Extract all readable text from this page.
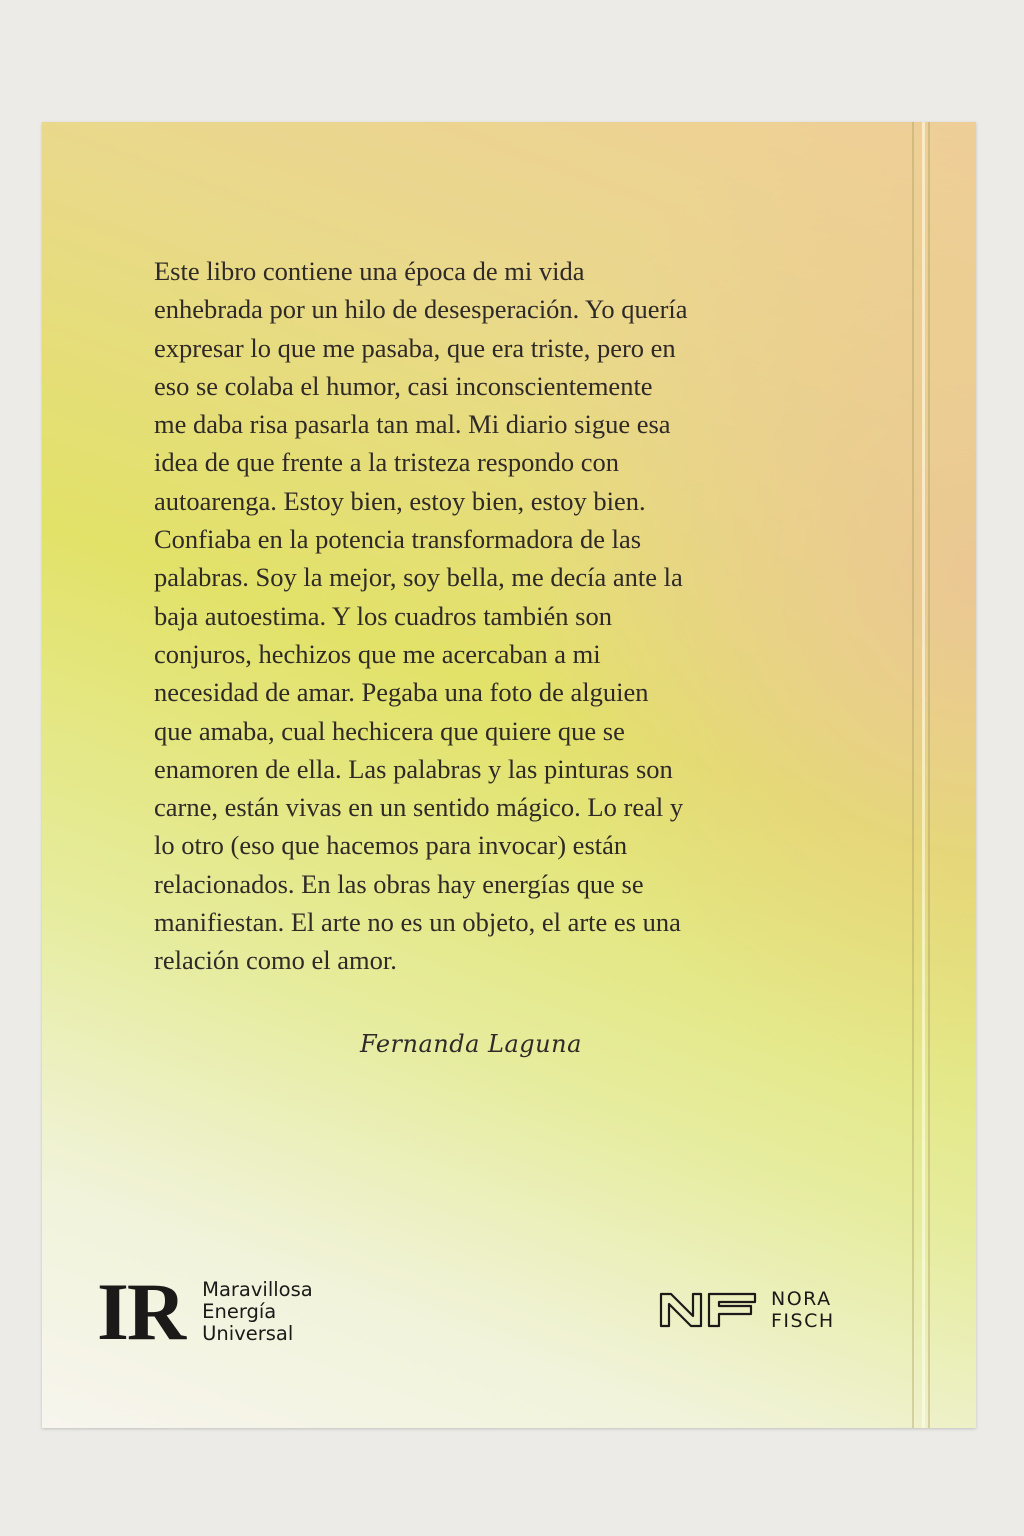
Este libro contiene una época de mi vida
enhebrada por un hilo de desesperación. Yo quería
expresar lo que me pasaba, que era triste, pero en
eso se colaba el humor, casi inconscientemente
me daba risa pasarla tan mal. Mi diario sigue esa
idea de que frente a la tristeza respondo con
autoarenga. Estoy bien, estoy bien, estoy bien.
Confiaba en la potencia transformadora de las
palabras. Soy la mejor, soy bella, me decía ante la
baja autoestima. Y los cuadros también son
conjuros, hechizos que me acercaban a mi
necesidad de amar. Pegaba una foto de alguien
que amaba, cual hechicera que quiere que se
enamoren de ella. Las palabras y las pinturas son
carne, están vivas en un sentido mágico. Lo real y
lo otro (eso que hacemos para invocar) están
relacionados. En las obras hay energías que se
manifiestan. El arte no es un objeto, el arte es una
relación como el amor.
Fernanda Laguna
IR Maravillosa
Energía
Universal
NORA
FISCH
